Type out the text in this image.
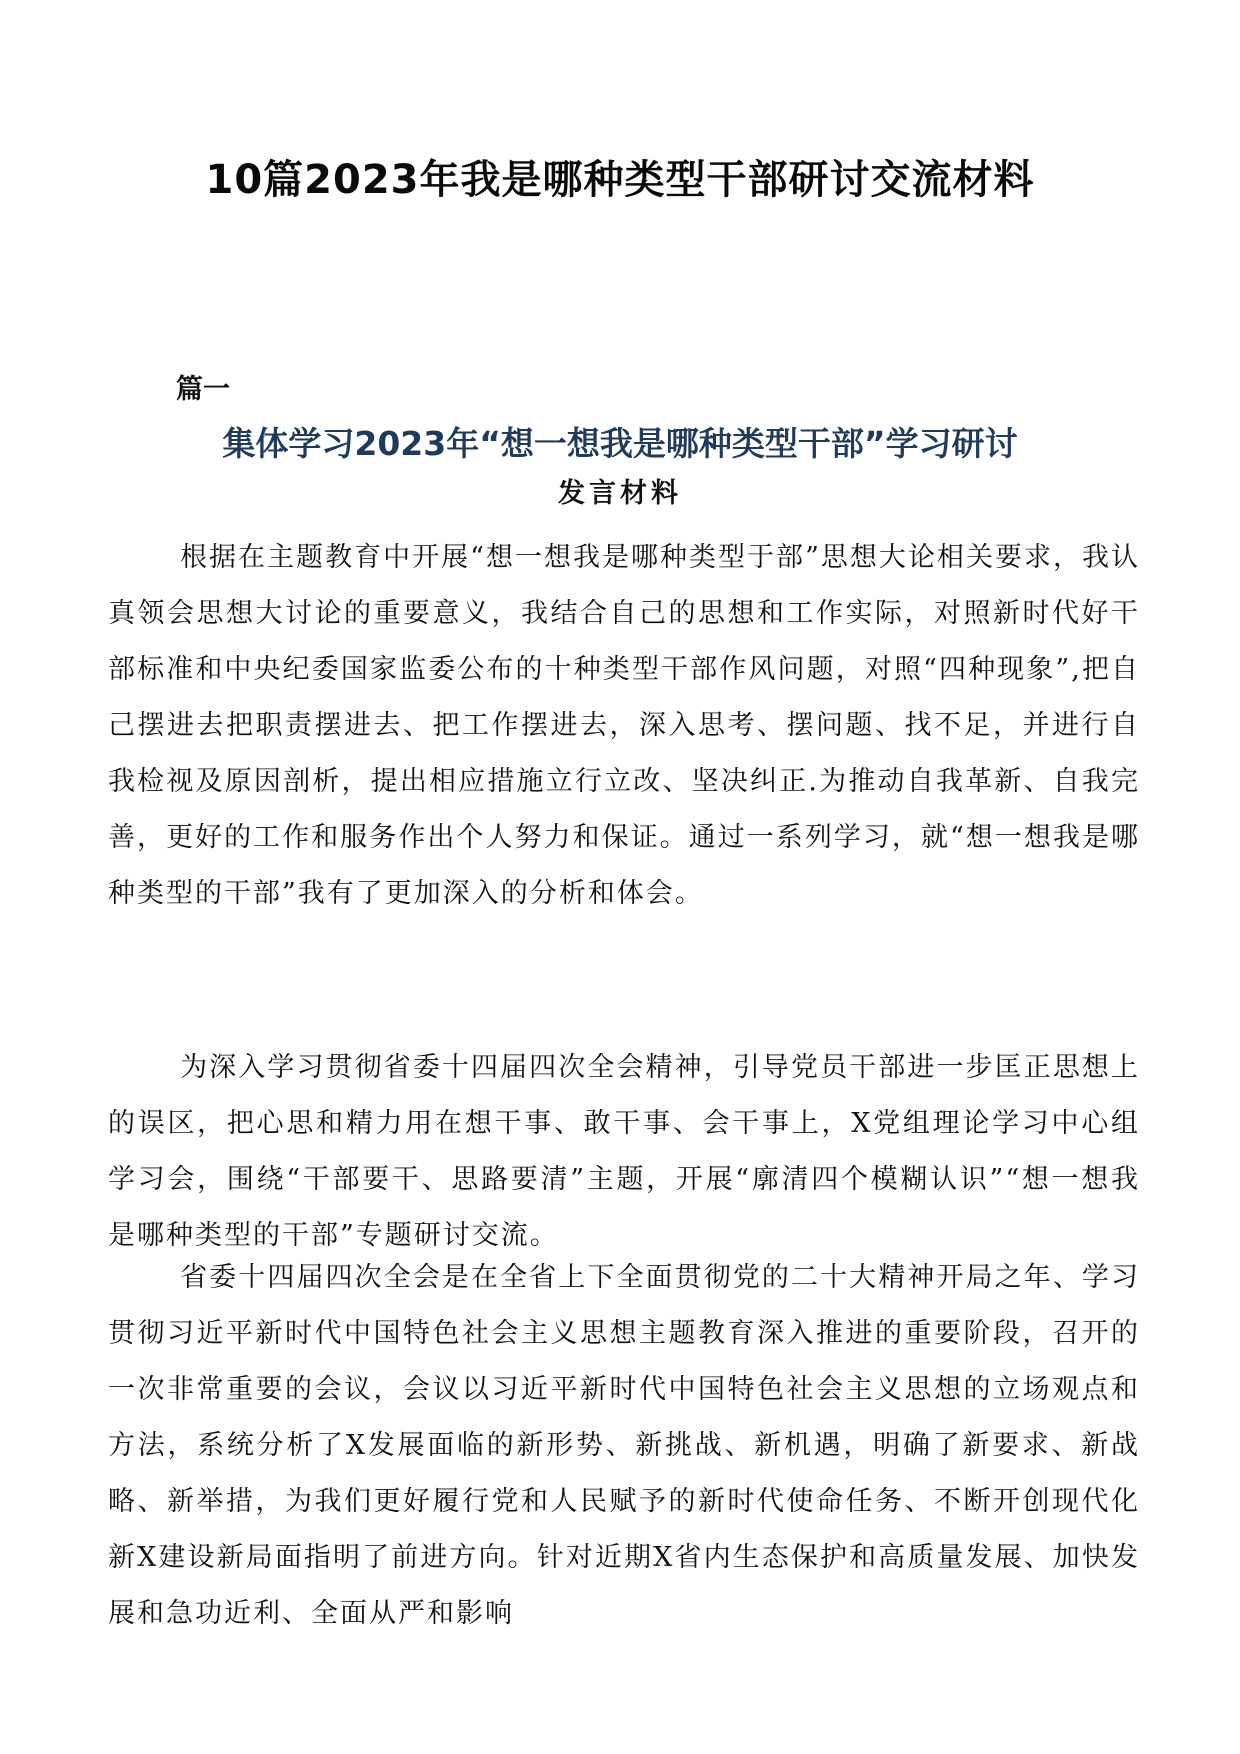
10篇2023年我是哪种类型干部研讨交流材料
篇一
集体学习2023年“想一想我是哪种类型干部”学习研讨
发言材料

根据在主题教育中开展“想一想我是哪种类型于部”思想大论相关要求，我认真领会思想大讨论的重要意义，我结合自己的思想和工作实际，对照新时代好干部标准和中央纪委国家监委公布的十种类型干部作风问题，对照“四种现象”,把自己摆进去把职责摆进去、把工作摆进去，深入思考、摆问题、找不足，并进行自我检视及原因剖析，提出相应措施立行立改、坚决纠正.为推动自我革新、自我完善，更好的工作和服务作出个人努力和保证。通过一系列学习，就“想一想我是哪种类型的干部”我有了更加深入的分析和体会。

为深入学习贯彻省委十四届四次全会精神，引导党员干部进一步匡正思想上的误区，把心思和精力用在想干事、敢干事、会干事上，X党组理论学习中心组学习会，围绕“干部要干、思路要清”主题，开展“廓清四个模糊认识”“想一想我是哪种类型的干部”专题研讨交流。

省委十四届四次全会是在全省上下全面贯彻党的二十大精神开局之年、学习贯彻习近平新时代中国特色社会主义思想主题教育深入推进的重要阶段，召开的一次非常重要的会议，会议以习近平新时代中国特色社会主义思想的立场观点和方法，系统分析了X发展面临的新形势、新挑战、新机遇，明确了新要求、新战略、新举措，为我们更好履行党和人民赋予的新时代使命任务、不断开创现代化新X建设新局面指明了前进方向。针对近期X省内生态保护和高质量发展、加快发展和急功近利、全面从严和影响
